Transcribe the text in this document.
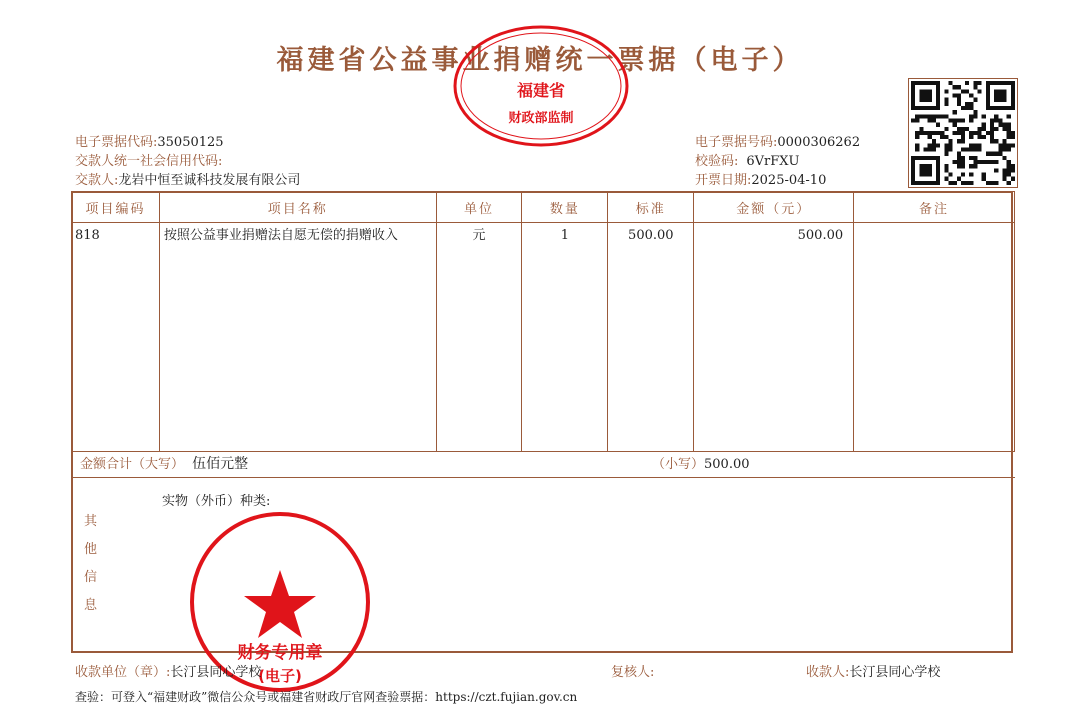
福建省公益事业捐赠统一票据（电子）
福建省
财政部监制
电子票据代码:35050125
交款人统一社会信用代码:
交款人:龙岩中恒至诚科技发展有限公司
电子票据号码:0000306262
校验码: 6VrFXU
开票日期:2025-04-10
项目编码	项目名称	单位	数量	标准	金额（元）	备注
818	按照公益事业捐赠法自愿无偿的捐赠收入	元	1	500.00	500.00	
金额合计（大写） 伍佰元整	（小写）500.00
其
他
信
息
实物（外币）种类:
财务专用章
(电子)
收款单位（章）:长汀县同心学校	复核人:	收款人:长汀县同心学校
查验：可登入“福建财政”微信公众号或福建省财政厅官网查验票据：https://czt.fujian.gov.cn
